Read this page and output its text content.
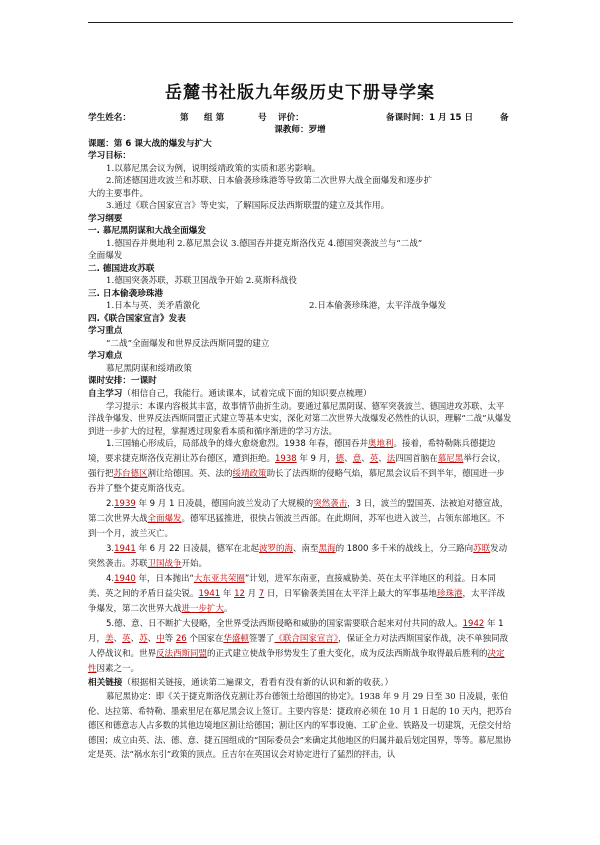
岳麓书社版九年级历史下册导学案
学生姓名：	第 组 第	号 评价：	备课时间：1 月 15 日	备
课教师：罗增

课题：第 6 课大战的爆发与扩大

学习目标：

1.以慕尼黑会议为例，说明绥靖政策的实质和恶劣影响。

2.简述德国进攻波兰和苏联、日本偷袭珍珠港等导致第二次世界大战全面爆发和逐步扩

大的主要事件。

3.通过《联合国家宣言》等史实，了解国际反法西斯联盟的建立及其作用。

学习纲要

一. 慕尼黑阴谋和大战全面爆发

1.德国吞并奥地利 2.慕尼黑会议 3.德国吞并捷克斯洛伐克 4.德国突袭波兰与“二战”

全面爆发

二. 德国进攻苏联

1.德国突袭苏联，苏联卫国战争开始 2.莫斯科战役

三. 日本偷袭珍珠港

1.日本与英、美矛盾激化	2.日本偷袭珍珠港，太平洋战争爆发

四.《联合国家宣言》发表

学习重点

“二战”全面爆发和世界反法西斯同盟的建立

学习难点

慕尼黑阴谋和绥靖政策

课时安排：一课时

自主学习（相信自己，我能行。通读课本，试着完成下面的知识要点梳理）

学习提示：本课内容极其丰富，故事情节曲折生动。要通过慕尼黑阴谋、德军突袭波兰、德国进攻苏联、太平洋战争爆发、世界反法西斯同盟正式建立等基本史实，深化对第二次世界大战爆发必然性的认识，理解“二战”从爆发到进一步扩大的过程，掌握透过现象看本质和循序渐进的学习方法。

1.三国轴心形成后，局部战争的烽火愈烧愈烈。1938 年春，德国吞并奥地利。接着，希特勒陈兵德捷边境，要求捷克斯洛伐克割让苏台德区，遭到拒绝。1938 年 9 月，德、意、英、法四国首脑在慕尼黑举行会议，强行把苏台德区割让给德国。英、法的绥靖政策助长了法西斯的侵略气焰，慕尼黑会议后不到半年，德国进一步吞并了整个捷克斯洛伐克。

2.1939 年 9 月 1 日凌晨，德国向波兰发动了大规模的突然袭击，3 日，波兰的盟国英、法被迫对德宣战，第二次世界大战全面爆发。德军迅猛推进，很快占领波兰西部。在此期间，苏军也进入波兰，占领东部地区。不到一个月，波兰灭亡。

3.1941 年 6 月 22 日凌晨，德军在北起波罗的海、南至黑海的 1800 多千米的战线上，分三路向苏联发动突然袭击。苏联卫国战争开始。

4.1940 年，日本抛出“大东亚共荣圈”计划，进军东南亚，直接威胁美、英在太平洋地区的利益。日本同美、英之间的矛盾日益尖锐。1941 年 12 月 7 日，日军偷袭美国在太平洋上最大的军事基地珍珠港，太平洋战争爆发，第二次世界大战进一步扩大。

5.德、意、日不断扩大侵略，全世界受法西斯侵略和威胁的国家需要联合起来对付共同的敌人。1942 年 1 月，美、英、苏、中等 26 个国家在华盛顿签署了《联合国家宣言》，保证全力对法西斯国家作战，决不单独同敌人停战议和。世界反法西斯同盟的正式建立使战争形势发生了重大变化，成为反法西斯战争取得最后胜利的决定性因素之一。

相关链接（根据相关链接，通读第二遍课文，看看有没有新的认识和新的收获。）

慕尼黑协定：即《关于捷克斯洛伐克割让苏台德领土给德国的协定》。1938 年 9 月 29 日至 30 日凌晨，张伯伦、达拉第、希特勒、墨索里尼在慕尼黑会议上签订。主要内容是：捷政府必须在 10 月 1 日起的 10 天内，把苏台德区和德意志人占多数的其他边境地区割让给德国；割让区内的军事设施、工矿企业、铁路及一切建筑，无偿交付给德国；成立由英、法、德、意、捷五国组成的“国际委员会”来确定其他地区的归属并最后划定国界，等等。慕尼黑协定是英、法“祸水东引”政策的顶点。丘吉尔在英国议会对协定进行了猛烈的抨击，认
